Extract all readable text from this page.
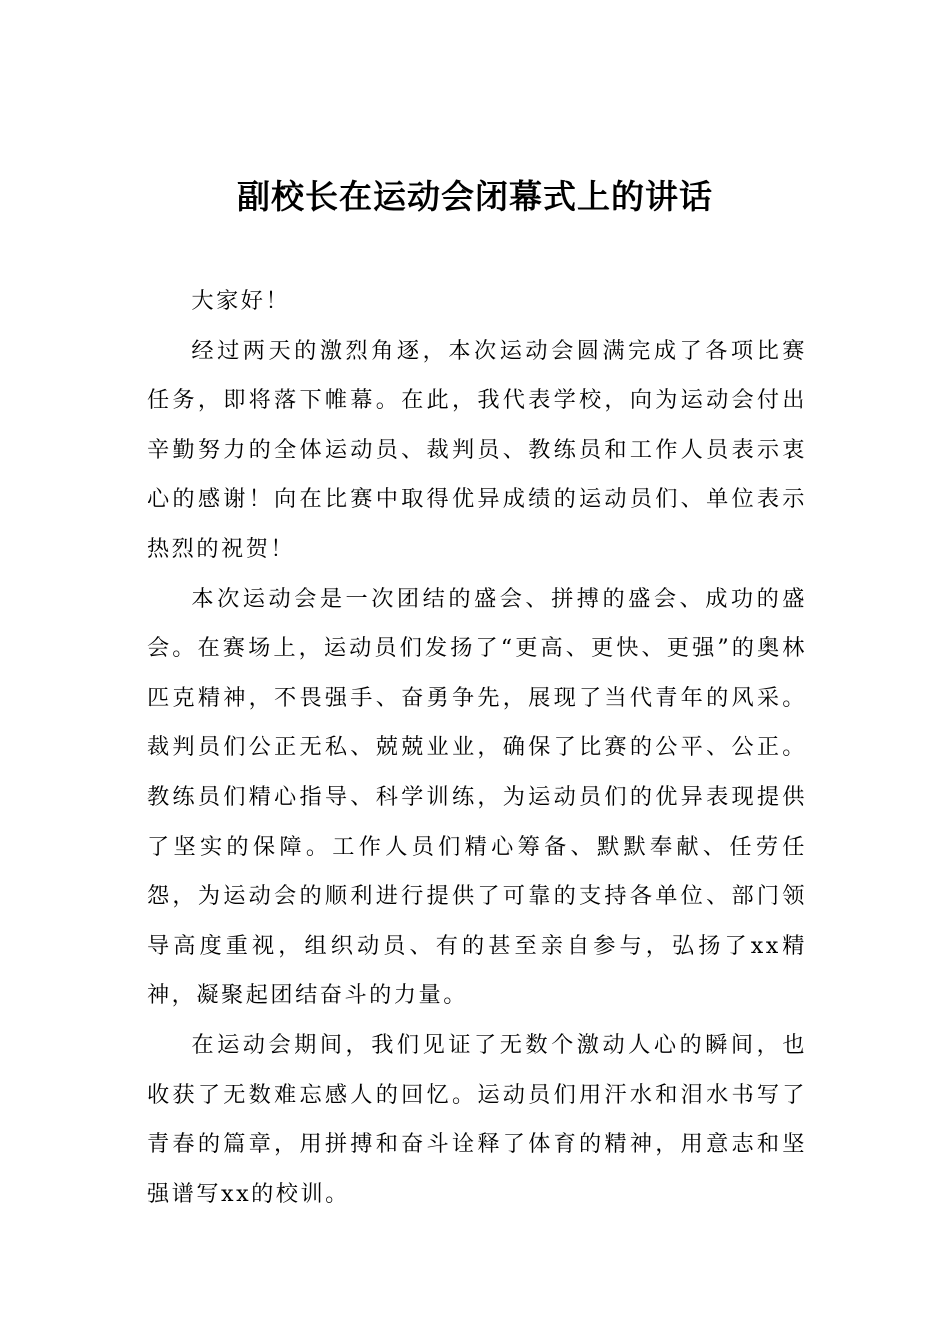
副校长在运动会闭幕式上的讲话

大家好！

经过两天的激烈角逐，本次运动会圆满完成了各项比赛任务，即将落下帷幕。在此，我代表学校，向为运动会付出辛勤努力的全体运动员、裁判员、教练员和工作人员表示衷心的感谢！向在比赛中取得优异成绩的运动员们、单位表示热烈的祝贺！

本次运动会是一次团结的盛会、拼搏的盛会、成功的盛会。在赛场上，运动员们发扬了“更高、更快、更强”的奥林匹克精神，不畏强手、奋勇争先，展现了当代青年的风采。裁判员们公正无私、兢兢业业，确保了比赛的公平、公正。教练员们精心指导、科学训练，为运动员们的优异表现提供了坚实的保障。工作人员们精心筹备、默默奉献、任劳任怨，为运动会的顺利进行提供了可靠的支持各单位、部门领导高度重视，组织动员、有的甚至亲自参与，弘扬了xx精神，凝聚起团结奋斗的力量。

在运动会期间，我们见证了无数个激动人心的瞬间，也收获了无数难忘感人的回忆。运动员们用汗水和泪水书写了青春的篇章，用拼搏和奋斗诠释了体育的精神，用意志和坚强谱写xx的校训。
